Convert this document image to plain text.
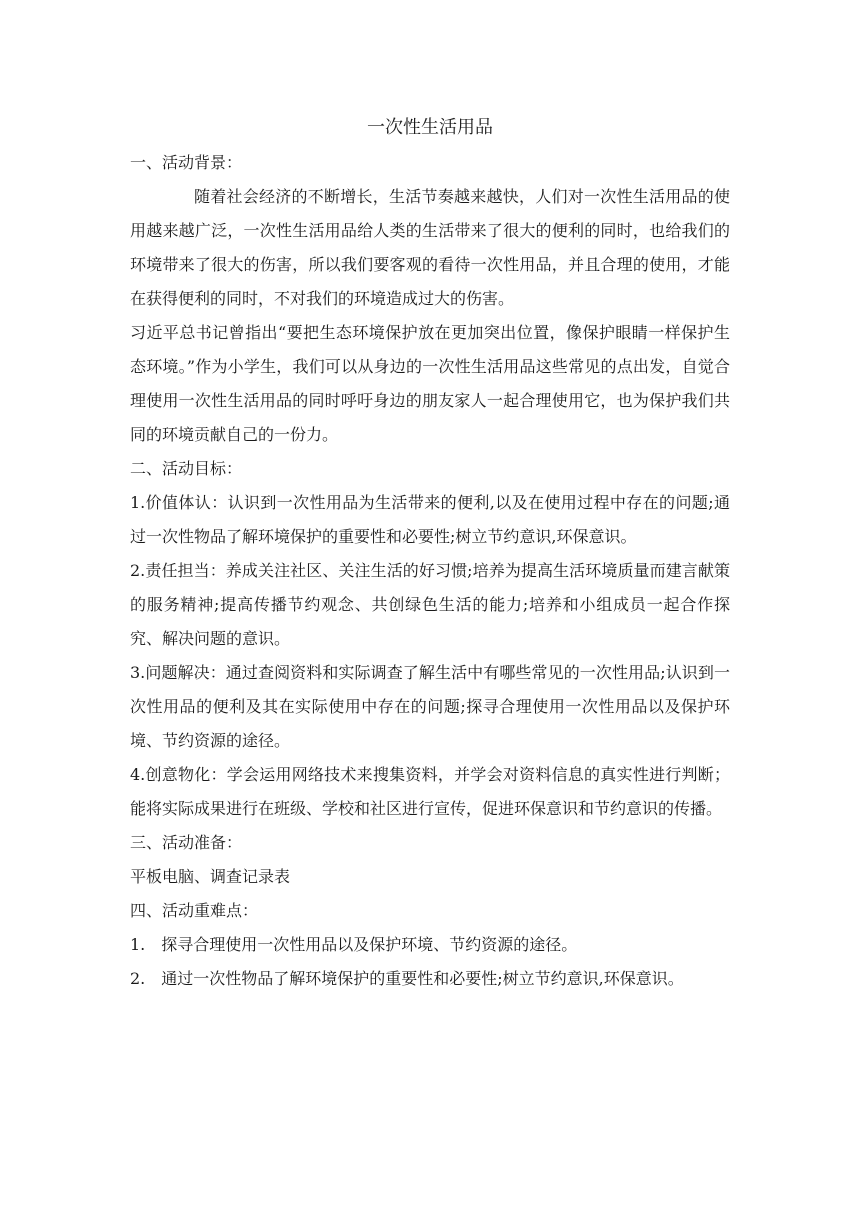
一次性生活用品
一、活动背景：

随着社会经济的不断增长，生活节奏越来越快，人们对一次性生活用品的使用越来越广泛，一次性生活用品给人类的生活带来了很大的便利的同时，也给我们的环境带来了很大的伤害，所以我们要客观的看待一次性用品，并且合理的使用，才能在获得便利的同时，不对我们的环境造成过大的伤害。

习近平总书记曾指出“要把生态环境保护放在更加突出位置，像保护眼睛一样保护生态环境。”作为小学生，我们可以从身边的一次性生活用品这些常见的点出发，自觉合理使用一次性生活用品的同时呼吁身边的朋友家人一起合理使用它，也为保护我们共同的环境贡献自己的一份力。

二、活动目标：

1.价值体认：认识到一次性用品为生活带来的便利,以及在使用过程中存在的问题;通过一次性物品了解环境保护的重要性和必要性;树立节约意识,环保意识。

2.责任担当：养成关注社区、关注生活的好习惯;培养为提高生活环境质量而建言献策的服务精神;提高传播节约观念、共创绿色生活的能力;培养和小组成员一起合作探究、解决问题的意识。

3.问题解决：通过查阅资料和实际调查了解生活中有哪些常见的一次性用品;认识到一次性用品的便利及其在实际使用中存在的问题;探寻合理使用一次性用品以及保护环境、节约资源的途径。

4.创意物化：学会运用网络技术来搜集资料，并学会对资料信息的真实性进行判断；能将实际成果进行在班级、学校和社区进行宣传，促进环保意识和节约意识的传播。

三、活动准备：

平板电脑、调查记录表

四、活动重难点：

1.　探寻合理使用一次性用品以及保护环境、节约资源的途径。

2.　通过一次性物品了解环境保护的重要性和必要性;树立节约意识,环保意识。
